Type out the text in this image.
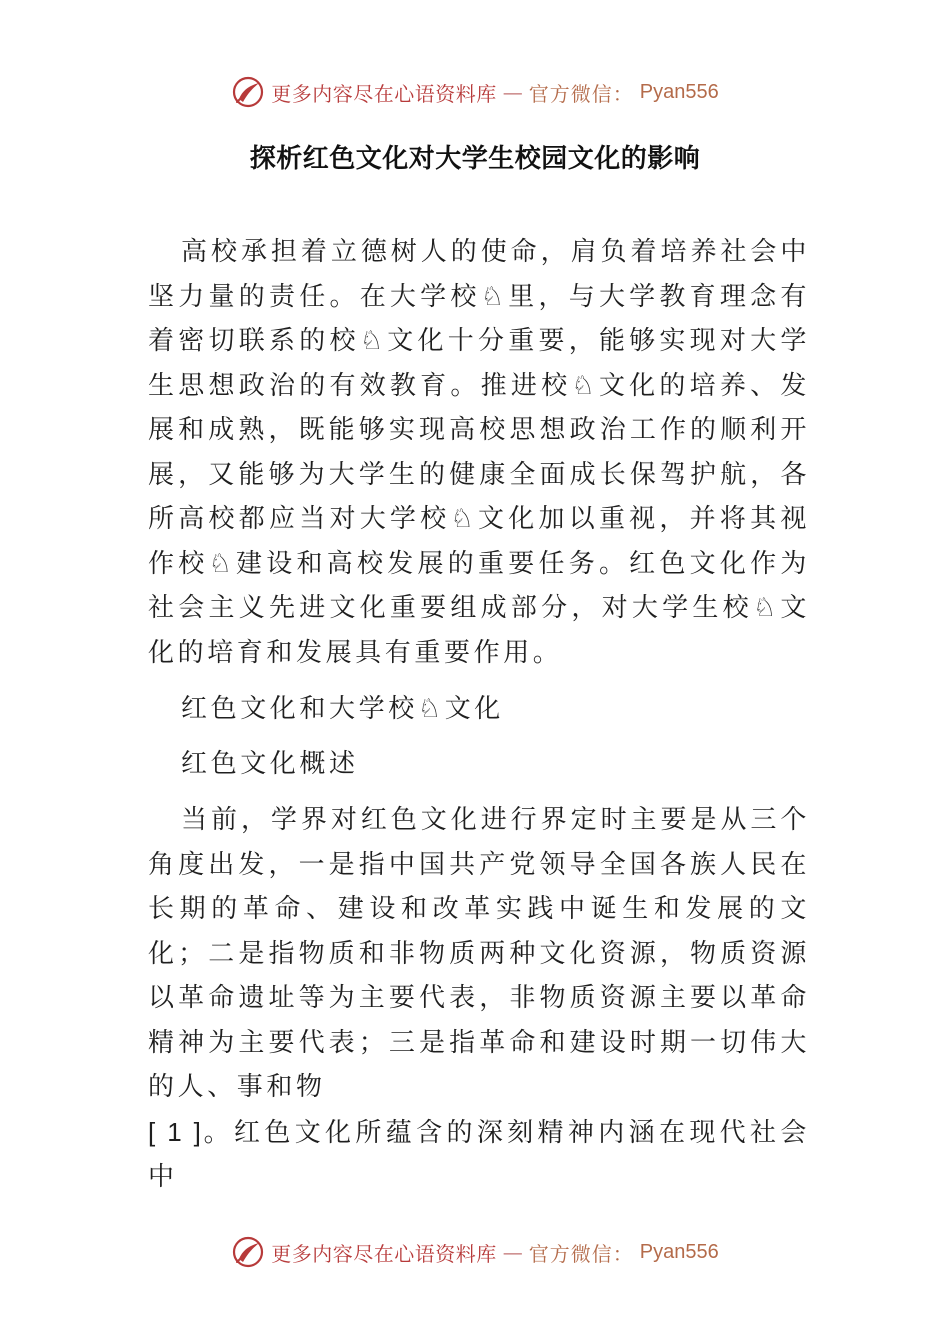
更多内容尽在心语资料库 — 官方微信： Pyan556
探析红色文化对大学生校园文化的影响

高校承担着立德树人的使命，肩负着培养社会中坚力量的责任。在大学校♘里，与大学教育理念有着密切联系的校♘文化十分重要，能够实现对大学生思想政治的有效教育。推进校♘文化的培养、发展和成熟，既能够实现高校思想政治工作的顺利开展，又能够为大学生的健康全面成长保驾护航，各所高校都应当对大学校♘文化加以重视，并将其视作校♘建设和高校发展的重要任务。红色文化作为社会主义先进文化重要组成部分，对大学生校♘文化的培育和发展具有重要作用。

红色文化和大学校♘文化

红色文化概述

当前，学界对红色文化进行界定时主要是从三个角度出发，一是指中国共产党领导全国各族人民在长期的革命、建设和改革实践中诞生和发展的文化；二是指物质和非物质两种文化资源，物质资源以革命遗址等为主要代表，非物质资源主要以革命精神为主要代表；三是指革命和建设时期一切伟大的人、事和物
[ 1 ]。红色文化所蕴含的深刻精神内涵在现代社会中

更多内容尽在心语资料库 — 官方微信： Pyan556
